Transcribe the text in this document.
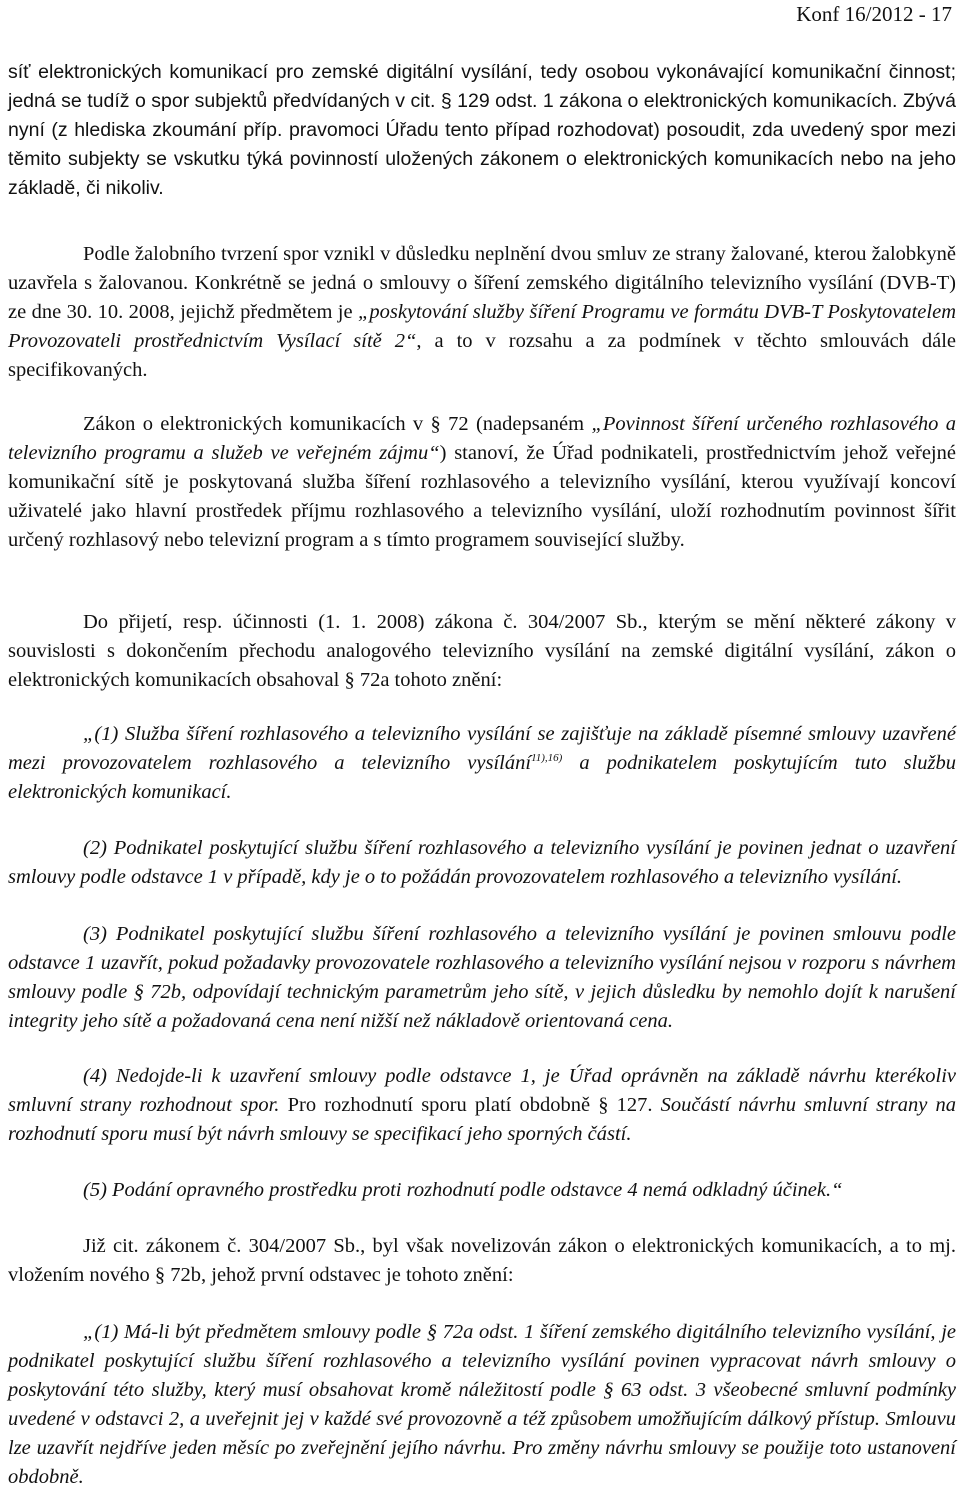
Konf 16/2012 - 17

síť elektronických komunikací pro zemské digitální vysílání, tedy osobou vykonávající komunikační činnost; jedná se tudíž o spor subjektů předvídaných v cit. § 129 odst. 1 zákona o elektronických komunikacích. Zbývá nyní (z hlediska zkoumání příp. pravomoci Úřadu tento případ rozhodovat) posoudit, zda uvedený spor mezi těmito subjekty se vskutku týká povinností uložených zákonem o elektronických komunikacích nebo na jeho základě, či nikoliv.

Podle žalobního tvrzení spor vznikl v důsledku neplnění dvou smluv ze strany žalované, kterou žalobkyně uzavřela s žalovanou. Konkrétně se jedná o smlouvy o šíření zemského digitálního televizního vysílání (DVB-T) ze dne 30. 10. 2008, jejichž předmětem je „poskytování služby šíření Programu ve formátu DVB-T Poskytovatelem Provozovateli prostřednictvím Vysílací sítě 2“, a to v rozsahu a za podmínek v těchto smlouvách dále specifikovaných.

Zákon o elektronických komunikacích v § 72 (nadepsaném „Povinnost šíření určeného rozhlasového a televizního programu a služeb ve veřejném zájmu“) stanoví, že Úřad podnikateli, prostřednictvím jehož veřejné komunikační sítě je poskytovaná služba šíření rozhlasového a televizního vysílání, kterou využívají koncoví uživatelé jako hlavní prostředek příjmu rozhlasového a televizního vysílání, uloží rozhodnutím povinnost šířit určený rozhlasový nebo televizní program a s tímto programem související služby.

Do přijetí, resp. účinnosti (1. 1. 2008) zákona č. 304/2007 Sb., kterým se mění některé zákony v souvislosti s dokončením přechodu analogového televizního vysílání na zemské digitální vysílání, zákon o elektronických komunikacích obsahoval § 72a tohoto znění:

„(1) Služba šíření rozhlasového a televizního vysílání se zajišťuje na základě písemné smlouvy uzavřené mezi provozovatelem rozhlasového a televizního vysílání$^{11),16)}$ a podnikatelem poskytujícím tuto službu elektronických komunikací.

(2) Podnikatel poskytující službu šíření rozhlasového a televizního vysílání je povinen jednat o uzavření smlouvy podle odstavce 1 v případě, kdy je o to požádán provozovatelem rozhlasového a televizního vysílání.

(3) Podnikatel poskytující službu šíření rozhlasového a televizního vysílání je povinen smlouvu podle odstavce 1 uzavřít, pokud požadavky provozovatele rozhlasového a televizního vysílání nejsou v rozporu s návrhem smlouvy podle § 72b, odpovídají technickým parametrům jeho sítě, v jejich důsledku by nemohlo dojít k narušení integrity jeho sítě a požadovaná cena není nižší než nákladově orientovaná cena.

(4) Nedojde-li k uzavření smlouvy podle odstavce 1, je Úřad oprávněn na základě návrhu kterékoliv smluvní strany rozhodnout spor. Pro rozhodnutí sporu platí obdobně § 127. Součástí návrhu smluvní strany na rozhodnutí sporu musí být návrh smlouvy se specifikací jeho sporných částí.

(5) Podání opravného prostředku proti rozhodnutí podle odstavce 4 nemá odkladný účinek.“

Již cit. zákonem č. 304/2007 Sb., byl však novelizován zákon o elektronických komunikacích, a to mj. vložením nového § 72b, jehož první odstavec je tohoto znění:

„(1) Má-li být předmětem smlouvy podle § 72a odst. 1 šíření zemského digitálního televizního vysílání, je podnikatel poskytující službu šíření rozhlasového a televizního vysílání povinen vypracovat návrh smlouvy o poskytování této služby, který musí obsahovat kromě náležitostí podle § 63 odst. 3 všeobecné smluvní podmínky uvedené v odstavci 2, a uveřejnit jej v každé své provozovně a též způsobem umožňujícím dálkový přístup. Smlouvu lze uzavřít nejdříve jeden měsíc po zveřejnění jejího návrhu. Pro změny návrhu smlouvy se použije toto ustanovení obdobně.
